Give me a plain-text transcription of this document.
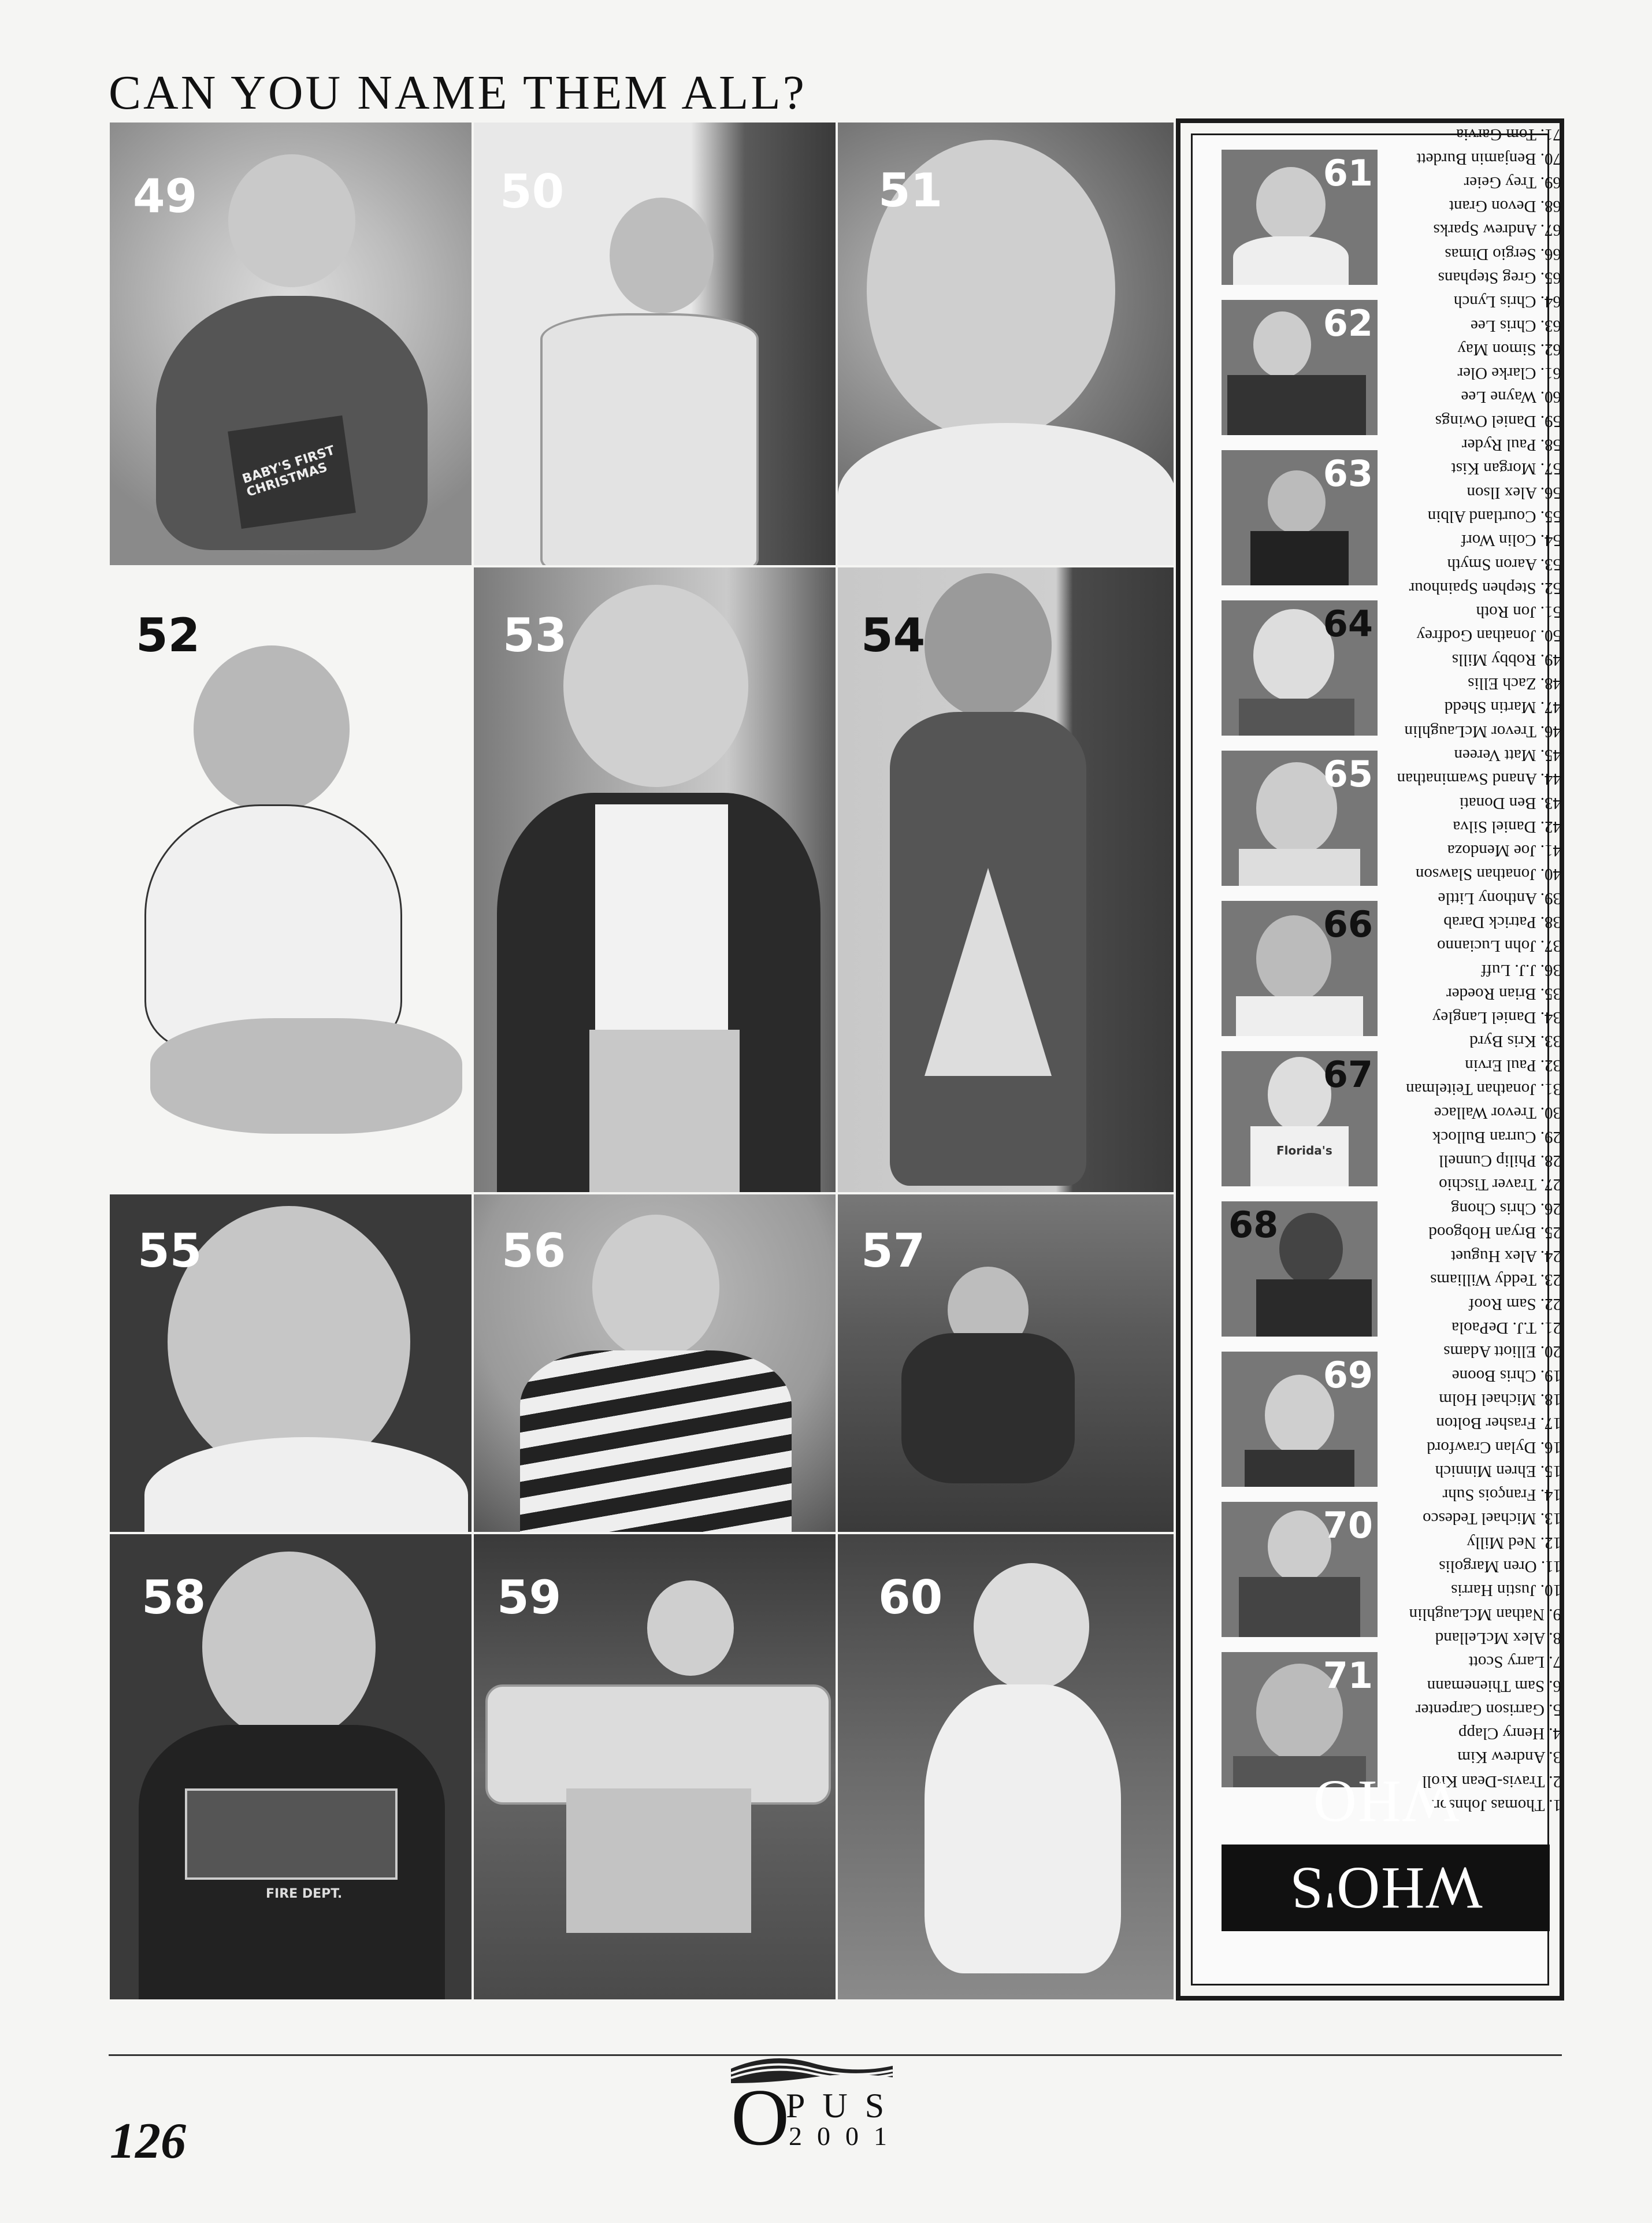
CAN YOU NAME THEM ALL?
BABY'S FIRST CHRISTMAS
49	50	51
52	53	54
55	56	57
FIRE DEPT.
58	59	60
61
62
63
64
65
66
Florida's
67
68
69
70
71
1. Thomas Johnson
2. Travis-Dean Kroll
3. Andrew Kim
4. Henry Clapp
5. Garrison Carpenter
6. Sam Thienemann
7. Larry Scott
8. Alex McLelland
9. Nathan McLaughlin
10. Justin Harris
11. Oren Margolis
12. Ned Milly
13. Michael Tedesco
14. François Suhr
15. Ehren Minnich
16. Dylan Crawford
17. Frasher Bolton
18. Michael Holm
19. Chris Boone
20. Elliott Adams
21. T.J. DePaola
22. Sam Roof
23. Teddy Williams
24. Alex Huguet
25. Bryan Hobgood
26. Chris Chong
27. Traver Tischio
28. Philip Cunnell
29. Curran Bullock
30. Trevor Wallace
31. Jonathan Teitelman
32. Paul Ervin
33. Kris Byrd
34. Daniel Langley
35. Brian Roeder
36. J.J. Luff
37. John Lucianno
38. Patrick Darab
39. Anthony Little
40. Jonathan Slawson
41. Joe Mendoza
42. Daniel Silva
43. Ben Donati
44. Anand Swaminathan
45. Matt Vereen
46. Trevor McLaughlin
47. Martin Shedd
48. Zach Ellis
49. Robby Mills
50. Jonathan Godfrey
51. Jon Roth
52. Stephen Spainhour
53. Aaron Smyth
54. Colin Worf
55. Courtland Albin
56. Alex Ilson
57. Morgan Kist
58. Paul Ryder
59. Daniel Owings
60. Wayne Lee
61. Clarke Oler
62. Simon May
63. Chris Lee
64. Chris Lynch
65. Greg Stephans
66. Sergio Dimas
67. Andrew Sparks
68. Devon Grant
69. Trey Geier
70. Benjamin Burdett
71. Tom Garvia
WHO'S WHO
126	O
PUS
2001
